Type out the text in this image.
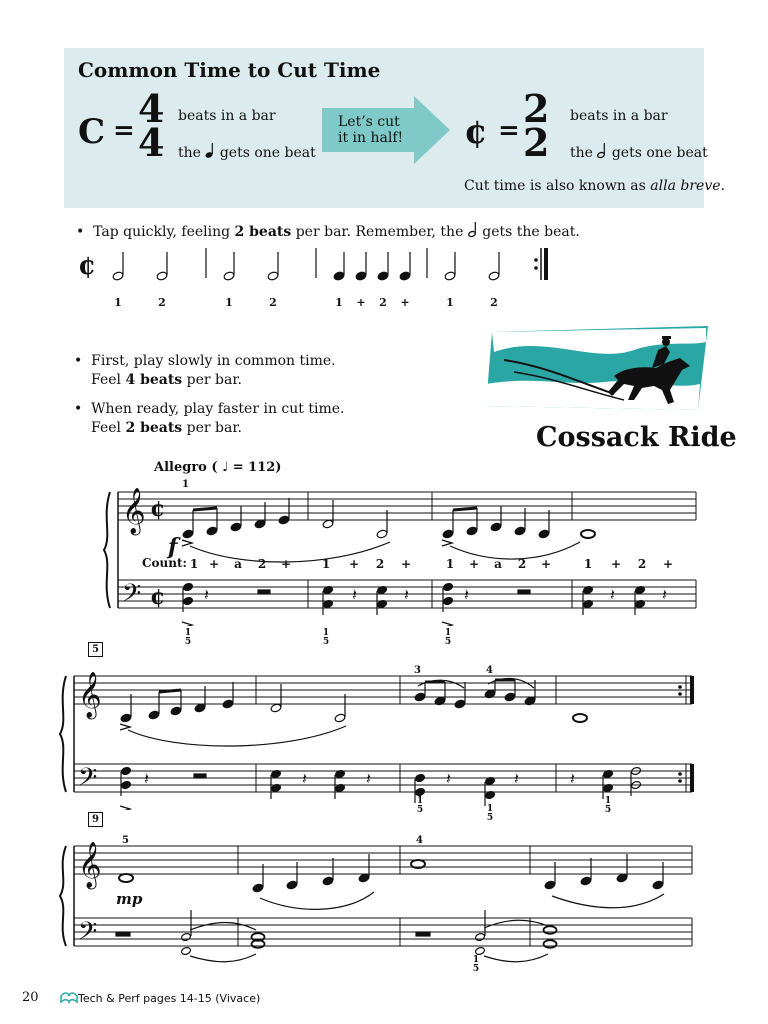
Common Time to Cut Time
C = 4
4
beats in a bar
the gets one beat
Let’s cut
it in half! ¢ = 2
2
beats in a bar
the gets one beat
Cut time is also known as alla breve.
• Tap quickly, feeling 2 beats per bar. Remember, the gets the beat.
¢
1	2	1	2	1	+	2	+	1	2
• First, play slowly in common time.
Feel 4 beats per bar.
• When ready, play faster in cut time.
Feel 2 beats per bar.	Cossack Ride
Allegro ( ♩ = 112)
𝄞
𝄢
¢
¢ 𝄽	𝄽	𝄽	𝄽	𝄽	𝄽
1
f
Count: 1 +	a	2	+	1	+	2	+	1	+	a	2	+	1	+	2	+
1
5
1
5
1
5
5
𝄞
𝄢	𝄽	𝄽	𝄽	𝄽	𝄽	𝄽
3	4
1
5	1
5
1
5
9
𝄞
𝄢
5	4
mp
1
5
20	Tech & Perf pages 14-15 (Vivace)
